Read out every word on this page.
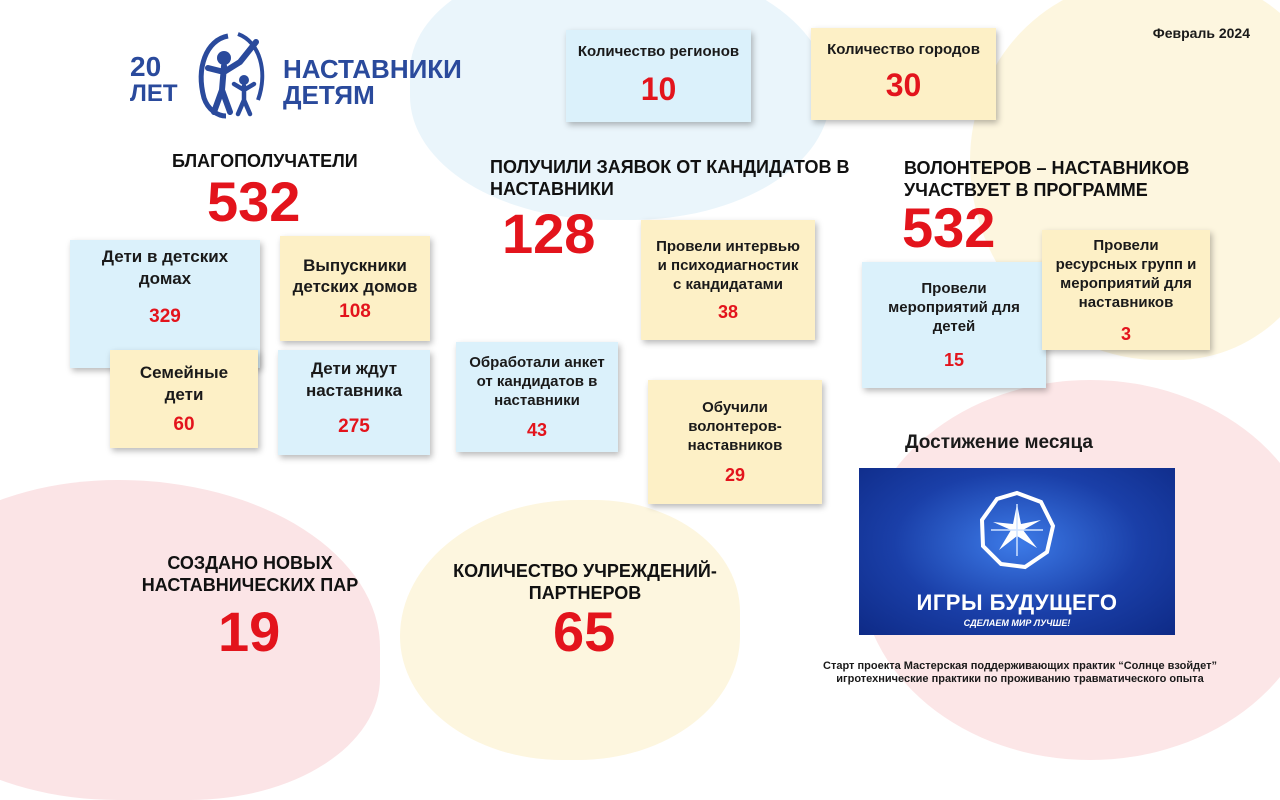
Февраль 2024
20
ЛЕТ
НАСТАВНИКИ
ДЕТЯМ
Количество регионов
10
Количество городов
30
БЛАГОПОЛУЧАТЕЛИ
532
Дети в детских домах
329
Выпускники детских домов
108
Семейные дети
60
Дети ждут наставника
275
ПОЛУЧИЛИ ЗАЯВОК ОТ КАНДИДАТОВ В НАСТАВНИКИ
128	Провели интервью и психодиагностик с кандидатами
38
Обработали анкет от кандидатов в наставники
43
Обучили волонтеров-наставников
29
ВОЛОНТЕРОВ – НАСТАВНИКОВ УЧАСТВУЕТ В ПРОГРАММЕ
532
Провели мероприятий для детей
15
Провели ресурсных групп и мероприятий для наставников
3
Достижение месяца
ИГРЫ БУДУЩЕГО
СДЕЛАЕМ МИР ЛУЧШЕ!
Старт проекта Мастерская поддерживающих практик “Солнце взойдет”
игротехнические практики по проживанию травматического опыта
СОЗДАНО НОВЫХ НАСТАВНИЧЕСКИХ ПАР
19
КОЛИЧЕСТВО УЧРЕЖДЕНИЙ-ПАРТНЕРОВ
65
